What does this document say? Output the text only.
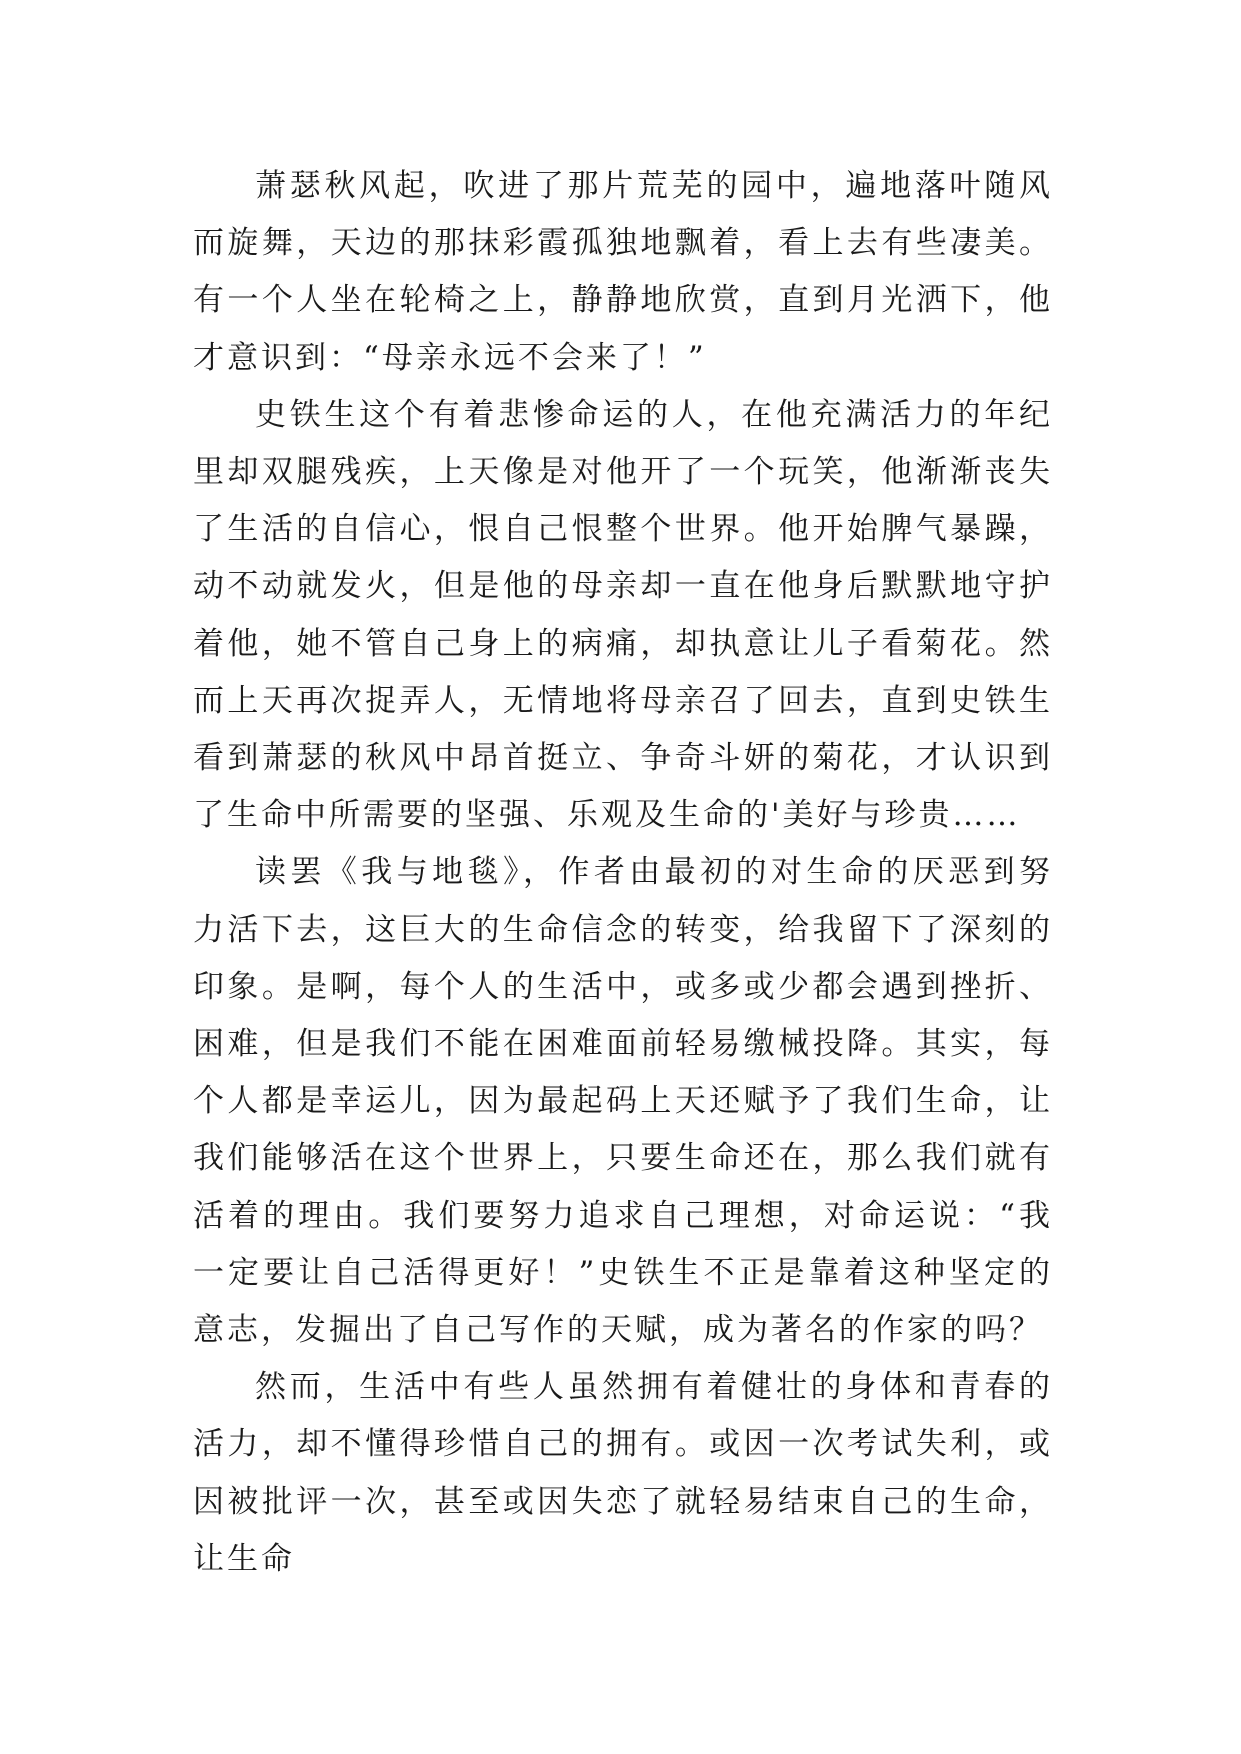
萧瑟秋风起，吹进了那片荒芜的园中，遍地落叶随风而旋舞，天边的那抹彩霞孤独地飘着，看上去有些凄美。有一个人坐在轮椅之上，静静地欣赏，直到月光洒下，他才意识到：“母亲永远不会来了！”

史铁生这个有着悲惨命运的人，在他充满活力的年纪里却双腿残疾，上天像是对他开了一个玩笑，他渐渐丧失了生活的自信心，恨自己恨整个世界。他开始脾气暴躁，动不动就发火，但是他的母亲却一直在他身后默默地守护着他，她不管自己身上的病痛，却执意让儿子看菊花。然而上天再次捉弄人，无情地将母亲召了回去，直到史铁生看到萧瑟的秋风中昂首挺立、争奇斗妍的菊花，才认识到了生命中所需要的坚强、乐观及生命的'美好与珍贵……

读罢《我与地毯》，作者由最初的对生命的厌恶到努力活下去，这巨大的生命信念的转变，给我留下了深刻的印象。是啊，每个人的生活中，或多或少都会遇到挫折、困难，但是我们不能在困难面前轻易缴械投降。其实，每个人都是幸运儿，因为最起码上天还赋予了我们生命，让我们能够活在这个世界上，只要生命还在，那么我们就有活着的理由。我们要努力追求自己理想，对命运说：“我一定要让自己活得更好！”史铁生不正是靠着这种坚定的意志，发掘出了自己写作的天赋，成为著名的作家的吗？

然而，生活中有些人虽然拥有着健壮的身体和青春的活力，却不懂得珍惜自己的拥有。或因一次考试失利，或因被批评一次，甚至或因失恋了就轻易结束自己的生命，让生命
